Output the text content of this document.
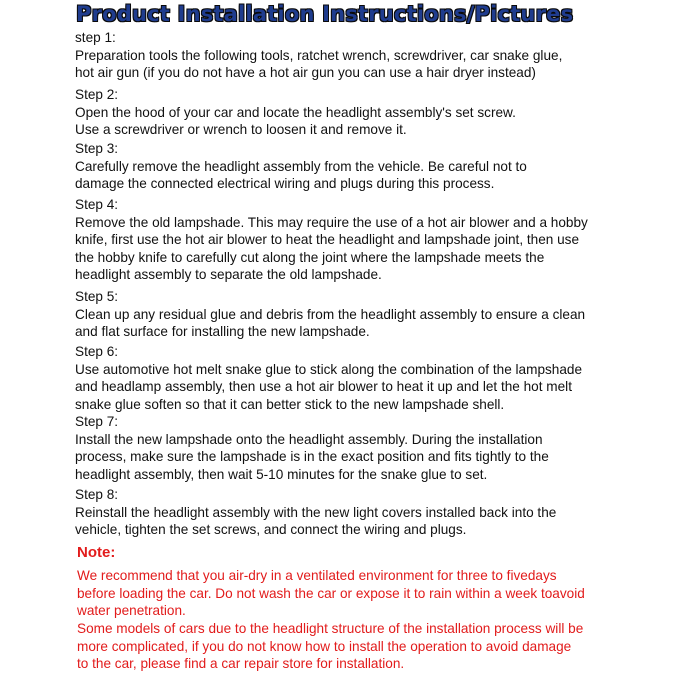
Product Installation Instructions/Pictures
step 1:
Preparation tools the following tools, ratchet wrench, screwdriver, car snake glue,
hot air gun (if you do not have a hot air gun you can use a hair dryer instead)
Step 2:
Open the hood of your car and locate the headlight assembly's set screw.
Use a screwdriver or wrench to loosen it and remove it.
Step 3:
Carefully remove the headlight assembly from the vehicle. Be careful not to
damage the connected electrical wiring and plugs during this process.
Step 4:
Remove the old lampshade. This may require the use of a hot air blower and a hobby
knife, first use the hot air blower to heat the headlight and lampshade joint, then use
the hobby knife to carefully cut along the joint where the lampshade meets the
headlight assembly to separate the old lampshade.
Step 5:
Clean up any residual glue and debris from the headlight assembly to ensure a clean
and flat surface for installing the new lampshade.
Step 6:
Use automotive hot melt snake glue to stick along the combination of the lampshade
and headlamp assembly, then use a hot air blower to heat it up and let the hot melt
snake glue soften so that it can better stick to the new lampshade shell.
Step 7:
Install the new lampshade onto the headlight assembly. During the installation
process, make sure the lampshade is in the exact position and fits tightly to the
headlight assembly, then wait 5-10 minutes for the snake glue to set.
Step 8:
Reinstall the headlight assembly with the new light covers installed back into the
vehicle, tighten the set screws, and connect the wiring and plugs.
Note:
We recommend that you air-dry in a ventilated environment for three to fivedays
before loading the car. Do not wash the car or expose it to rain within a week toavoid
water penetration.
Some models of cars due to the headlight structure of the installation process will be
more complicated, if you do not know how to install the operation to avoid damage
to the car, please find a car repair store for installation.
